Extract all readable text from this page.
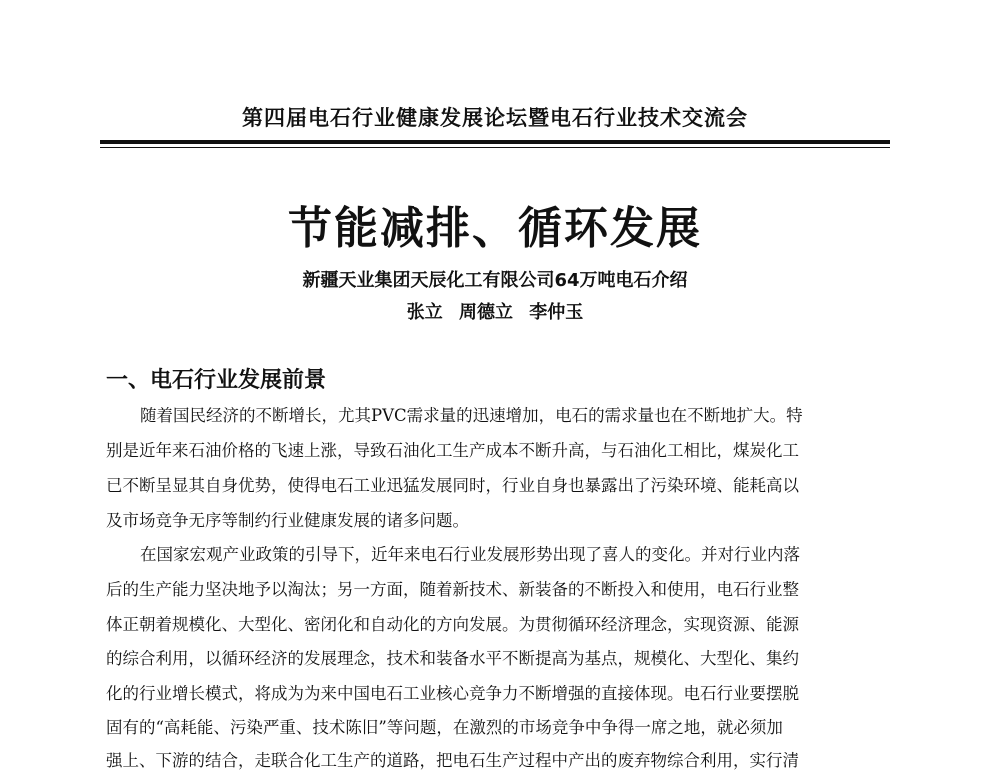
第四届电石行业健康发展论坛暨电石行业技术交流会
节能减排、循环发展
新疆天业集团天辰化工有限公司64万吨电石介绍
张立 周德立 李仲玉
一、电石行业发展前景
随着国民经济的不断增长，尤其PVC需求量的迅速增加，电石的需求量也在不断地扩大。特
别是近年来石油价格的飞速上涨，导致石油化工生产成本不断升高，与石油化工相比，煤炭化工
已不断呈显其自身优势，使得电石工业迅猛发展同时，行业自身也暴露出了污染环境、能耗高以
及市场竞争无序等制约行业健康发展的诸多问题。
在国家宏观产业政策的引导下，近年来电石行业发展形势出现了喜人的变化。并对行业内落
后的生产能力坚决地予以淘汰；另一方面，随着新技术、新装备的不断投入和使用，电石行业整
体正朝着规模化、大型化、密闭化和自动化的方向发展。为贯彻循环经济理念，实现资源、能源
的综合利用，以循环经济的发展理念，技术和装备水平不断提高为基点，规模化、大型化、集约
化的行业增长模式，将成为为来中国电石工业核心竞争力不断增强的直接体现。电石行业要摆脱
固有的“高耗能、污染严重、技术陈旧”等问题，在激烈的市场竞争中争得一席之地，就必须加
强上、下游的结合，走联合化工生产的道路，把电石生产过程中产出的废弃物综合利用，实行清
